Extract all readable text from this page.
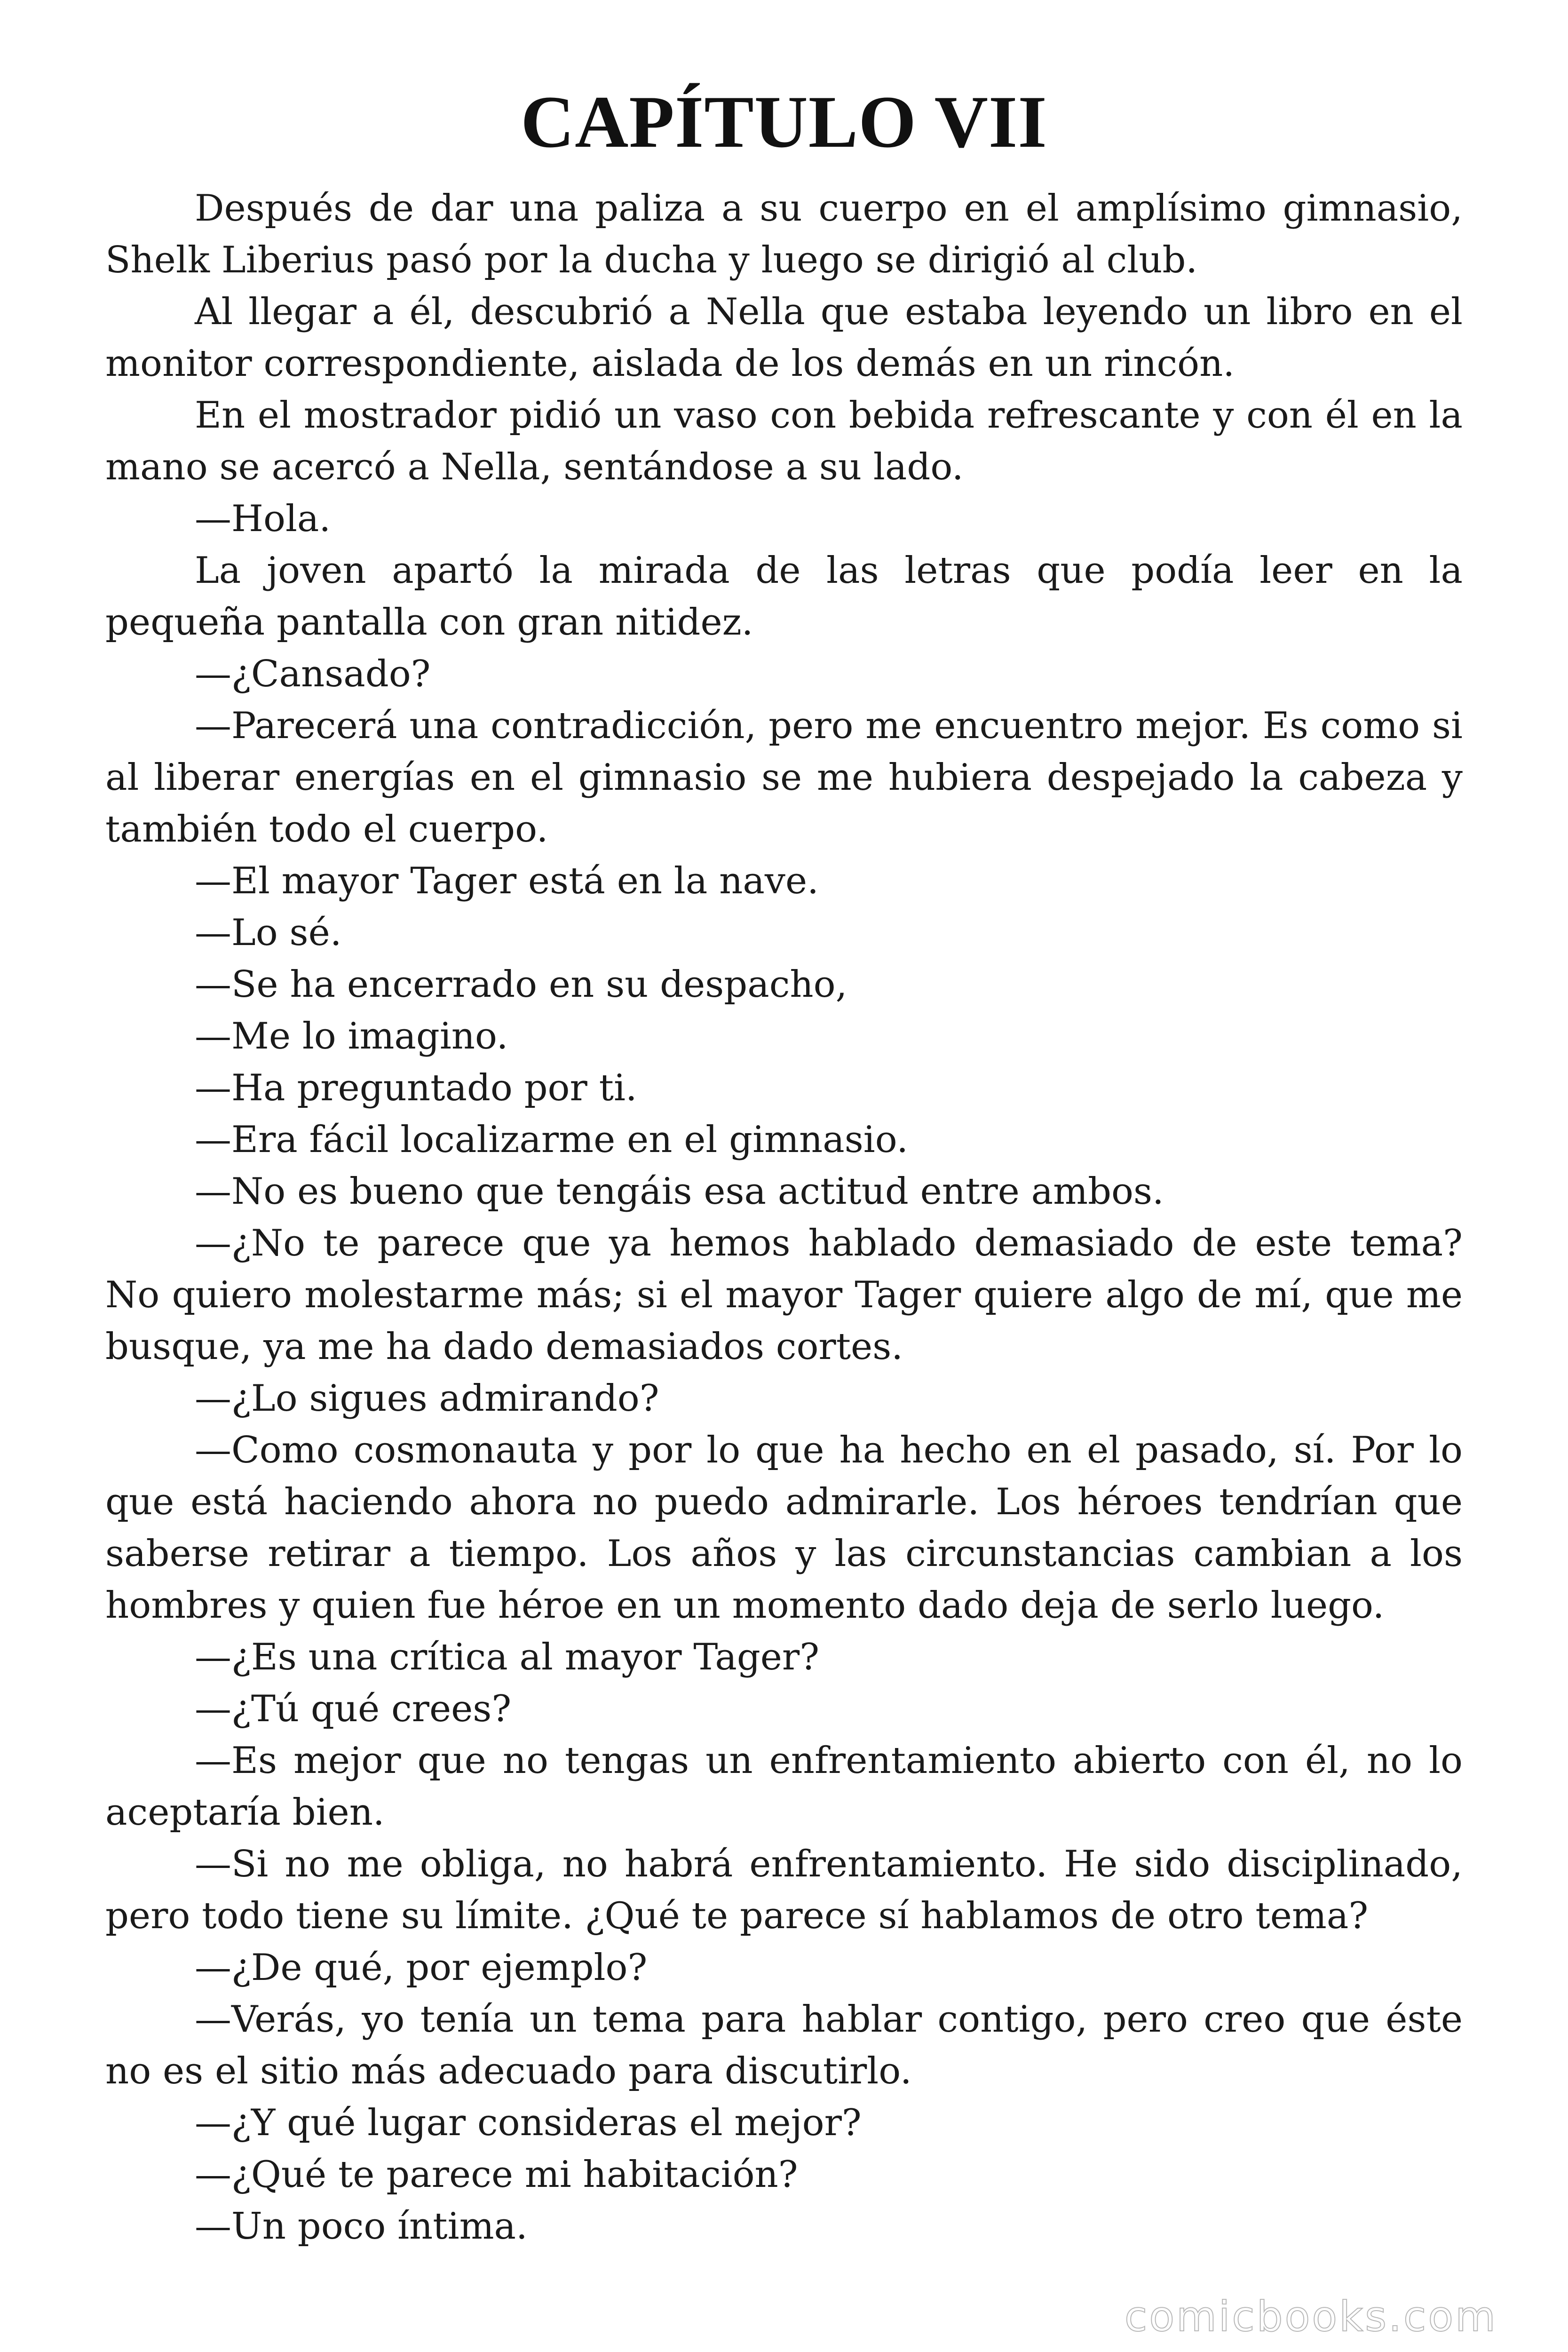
CAPÍTULO VII

Después de dar una paliza a su cuerpo en el amplísimo gimnasio, Shelk Liberius pasó por la ducha y luego se dirigió al club.

Al llegar a él, descubrió a Nella que estaba leyendo un libro en el monitor correspondiente, aislada de los demás en un rincón.

En el mostrador pidió un vaso con bebida refrescante y con él en la mano se acercó a Nella, sentándose a su lado.

—Hola.

La joven apartó la mirada de las letras que podía leer en la pequeña pantalla con gran nitidez.

—¿Cansado?

—Parecerá una contradicción, pero me encuentro mejor. Es como si al liberar energías en el gimnasio se me hubiera despejado la cabeza y también todo el cuerpo.

—El mayor Tager está en la nave.

—Lo sé.

—Se ha encerrado en su despacho,

—Me lo imagino.

—Ha preguntado por ti.

—Era fácil localizarme en el gimnasio.

—No es bueno que tengáis esa actitud entre ambos.

—¿No te parece que ya hemos hablado demasiado de este tema? No quiero molestarme más; si el mayor Tager quiere algo de mí, que me busque, ya me ha dado demasiados cortes.

—¿Lo sigues admirando?

—Como cosmonauta y por lo que ha hecho en el pasado, sí. Por lo que está haciendo ahora no puedo admirarle. Los héroes tendrían que saberse retirar a tiempo. Los años y las circunstancias cambian a los hombres y quien fue héroe en un momento dado deja de serlo luego.

—¿Es una crítica al mayor Tager?

—¿Tú qué crees?

—Es mejor que no tengas un enfrentamiento abierto con él, no lo aceptaría bien.

—Si no me obliga, no habrá enfrentamiento. He sido disciplinado, pero todo tiene su límite. ¿Qué te parece sí hablamos de otro tema?

—¿De qué, por ejemplo?

—Verás, yo tenía un tema para hablar contigo, pero creo que éste no es el sitio más adecuado para discutirlo.

—¿Y qué lugar consideras el mejor?

—¿Qué te parece mi habitación?

—Un poco íntima.

comicbooks.com
